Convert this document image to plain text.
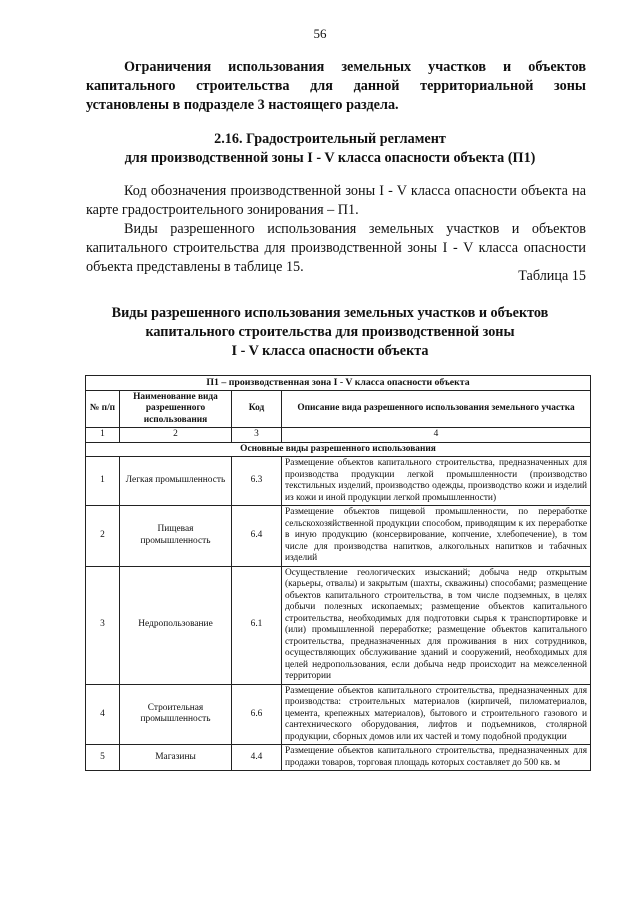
56
Ограничения использования земельных участков и объектов капитального строительства для данной территориальной зоны установлены в подразделе 3 настоящего раздела.
2.16. Градостроительный регламент
для производственной зоны I - V класса опасности объекта (П1)
Код обозначения производственной зоны I - V класса опасности объекта на карте градостроительного зонирования – П1.
Виды разрешенного использования земельных участков и объектов капитального строительства для производственной зоны I - V класса опасности объекта представлены в таблице 15.
Таблица 15
Виды разрешенного использования земельных участков и объектов
капитального строительства для производственной зоны
I - V класса опасности объекта
П1 – производственная зона I - V класса опасности объекта			
№ п/п	Наименование вида разрешенного использования	Код	Описание вида разрешенного использования земельного участка
1	2	3	4
Основные виды разрешенного использования			
1	Легкая промышленность	6.3	Размещение объектов капитального строительства, предназначенных для производства продукции легкой промышленности (производство текстильных изделий, производство одежды, производство кожи и изделий из кожи и иной продукции легкой промышленности)
2	Пищевая промышленность	6.4	Размещение объектов пищевой промышленности, по переработке сельскохозяйственной продукции способом, приводящим к их переработке в иную продукцию (консервирование, копчение, хлебопечение), в том числе для производства напитков, алкогольных напитков и табачных изделий
3	Недропользование	6.1	Осуществление геологических изысканий; добыча недр открытым (карьеры, отвалы) и закрытым (шахты, скважины) способами; размещение объектов капитального строительства, в том числе подземных, в целях добычи полезных ископаемых; размещение объектов капитального строительства, необходимых для подготовки сырья к транспортировке и (или) промышленной переработке; размещение объектов капитального строительства, предназначенных для проживания в них сотрудников, осуществляющих обслуживание зданий и сооружений, необходимых для целей недропользования, если добыча недр происходит на межселенной территории
4	Строительная промышленность	6.6	Размещение объектов капитального строительства, предназначенных для производства: строительных материалов (кирпичей, пиломатериалов, цемента, крепежных материалов), бытового и строительного газового и сантехнического оборудования, лифтов и подъемников, столярной продукции, сборных домов или их частей и тому подобной продукции
5	Магазины	4.4	Размещение объектов капитального строительства, предназначенных для продажи товаров, торговая площадь которых составляет до 500 кв. м
